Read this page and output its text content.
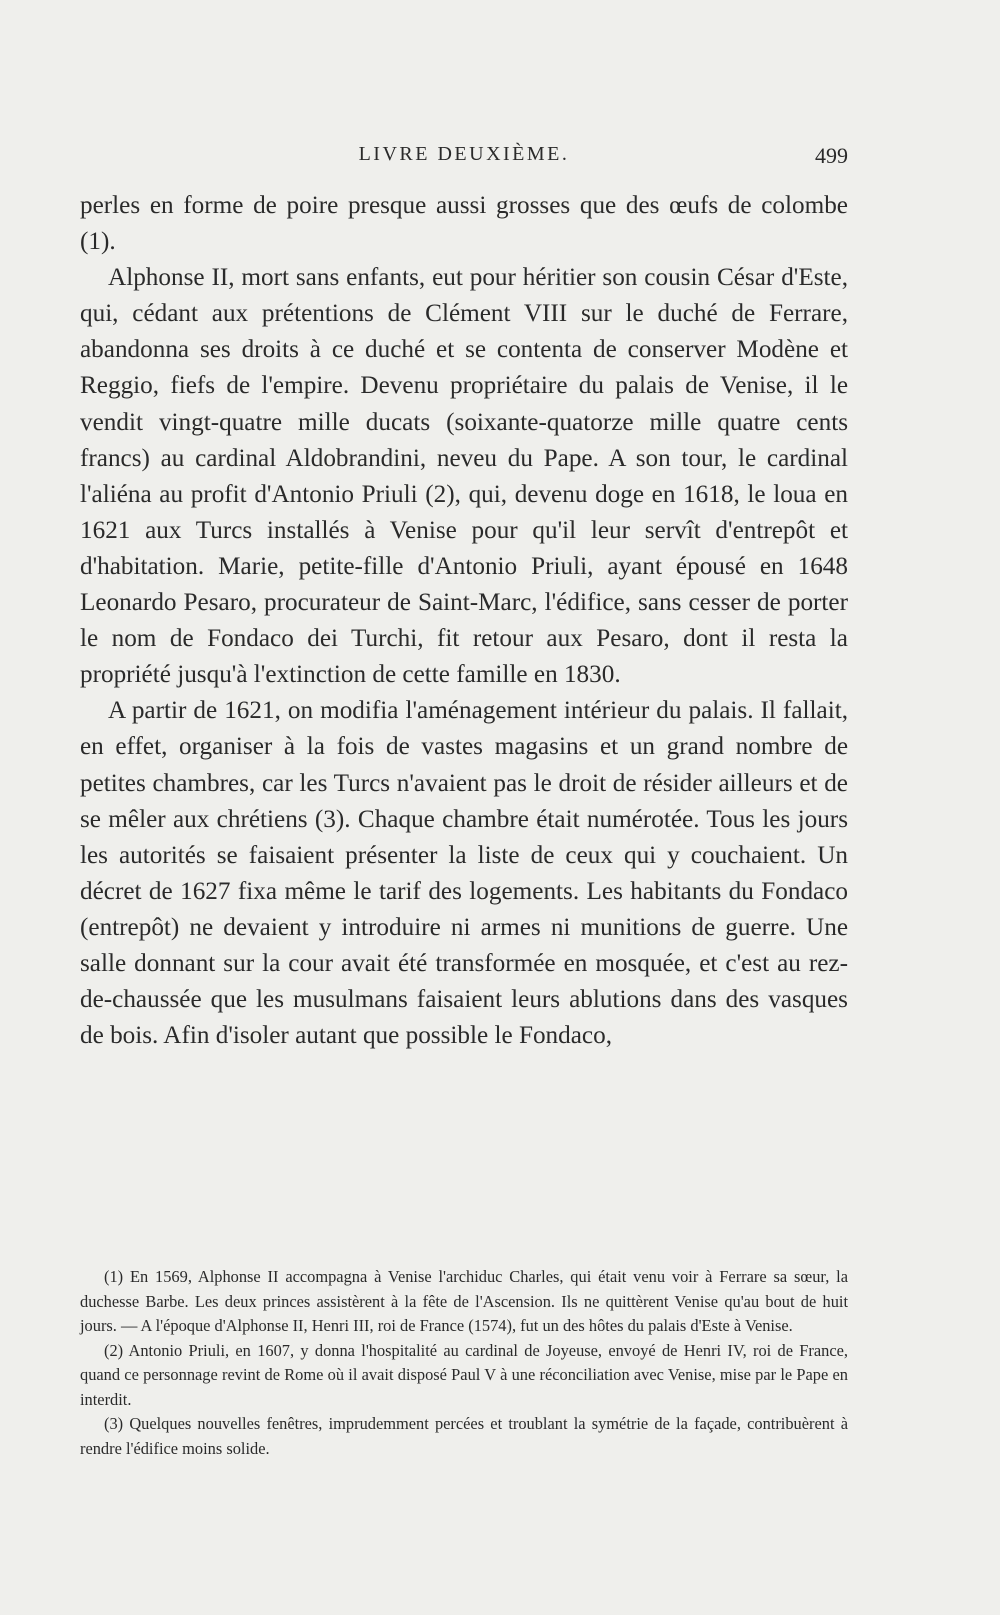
LIVRE DEUXIÈME.	499

perles en forme de poire presque aussi grosses que des œufs de colombe (1).

Alphonse II, mort sans enfants, eut pour héritier son cousin César d'Este, qui, cédant aux prétentions de Clément VIII sur le duché de Ferrare, abandonna ses droits à ce duché et se contenta de conserver Modène et Reggio, fiefs de l'empire. Devenu propriétaire du palais de Venise, il le vendit vingt-quatre mille ducats (soixante-quatorze mille quatre cents francs) au cardinal Aldobrandini, neveu du Pape. A son tour, le cardinal l'aliéna au profit d'Antonio Priuli (2), qui, devenu doge en 1618, le loua en 1621 aux Turcs installés à Venise pour qu'il leur servît d'entrepôt et d'habitation. Marie, petite-fille d'Antonio Priuli, ayant épousé en 1648 Leonardo Pesaro, procurateur de Saint-Marc, l'édifice, sans cesser de porter le nom de Fondaco dei Turchi, fit retour aux Pesaro, dont il resta la propriété jusqu'à l'extinction de cette famille en 1830.

A partir de 1621, on modifia l'aménagement intérieur du palais. Il fallait, en effet, organiser à la fois de vastes magasins et un grand nombre de petites chambres, car les Turcs n'avaient pas le droit de résider ailleurs et de se mêler aux chrétiens (3). Chaque chambre était numérotée. Tous les jours les autorités se faisaient présenter la liste de ceux qui y couchaient. Un décret de 1627 fixa même le tarif des logements. Les habitants du Fondaco (entrepôt) ne devaient y introduire ni armes ni munitions de guerre. Une salle donnant sur la cour avait été transformée en mosquée, et c'est au rez-de-chaussée que les musulmans faisaient leurs ablutions dans des vasques de bois. Afin d'isoler autant que possible le Fondaco,

(1) En 1569, Alphonse II accompagna à Venise l'archiduc Charles, qui était venu voir à Ferrare sa sœur, la duchesse Barbe. Les deux princes assistèrent à la fête de l'Ascension. Ils ne quittèrent Venise qu'au bout de huit jours. — A l'époque d'Alphonse II, Henri III, roi de France (1574), fut un des hôtes du palais d'Este à Venise.

(2) Antonio Priuli, en 1607, y donna l'hospitalité au cardinal de Joyeuse, envoyé de Henri IV, roi de France, quand ce personnage revint de Rome où il avait disposé Paul V à une réconciliation avec Venise, mise par le Pape en interdit.

(3) Quelques nouvelles fenêtres, imprudemment percées et troublant la symétrie de la façade, contribuèrent à rendre l'édifice moins solide.
